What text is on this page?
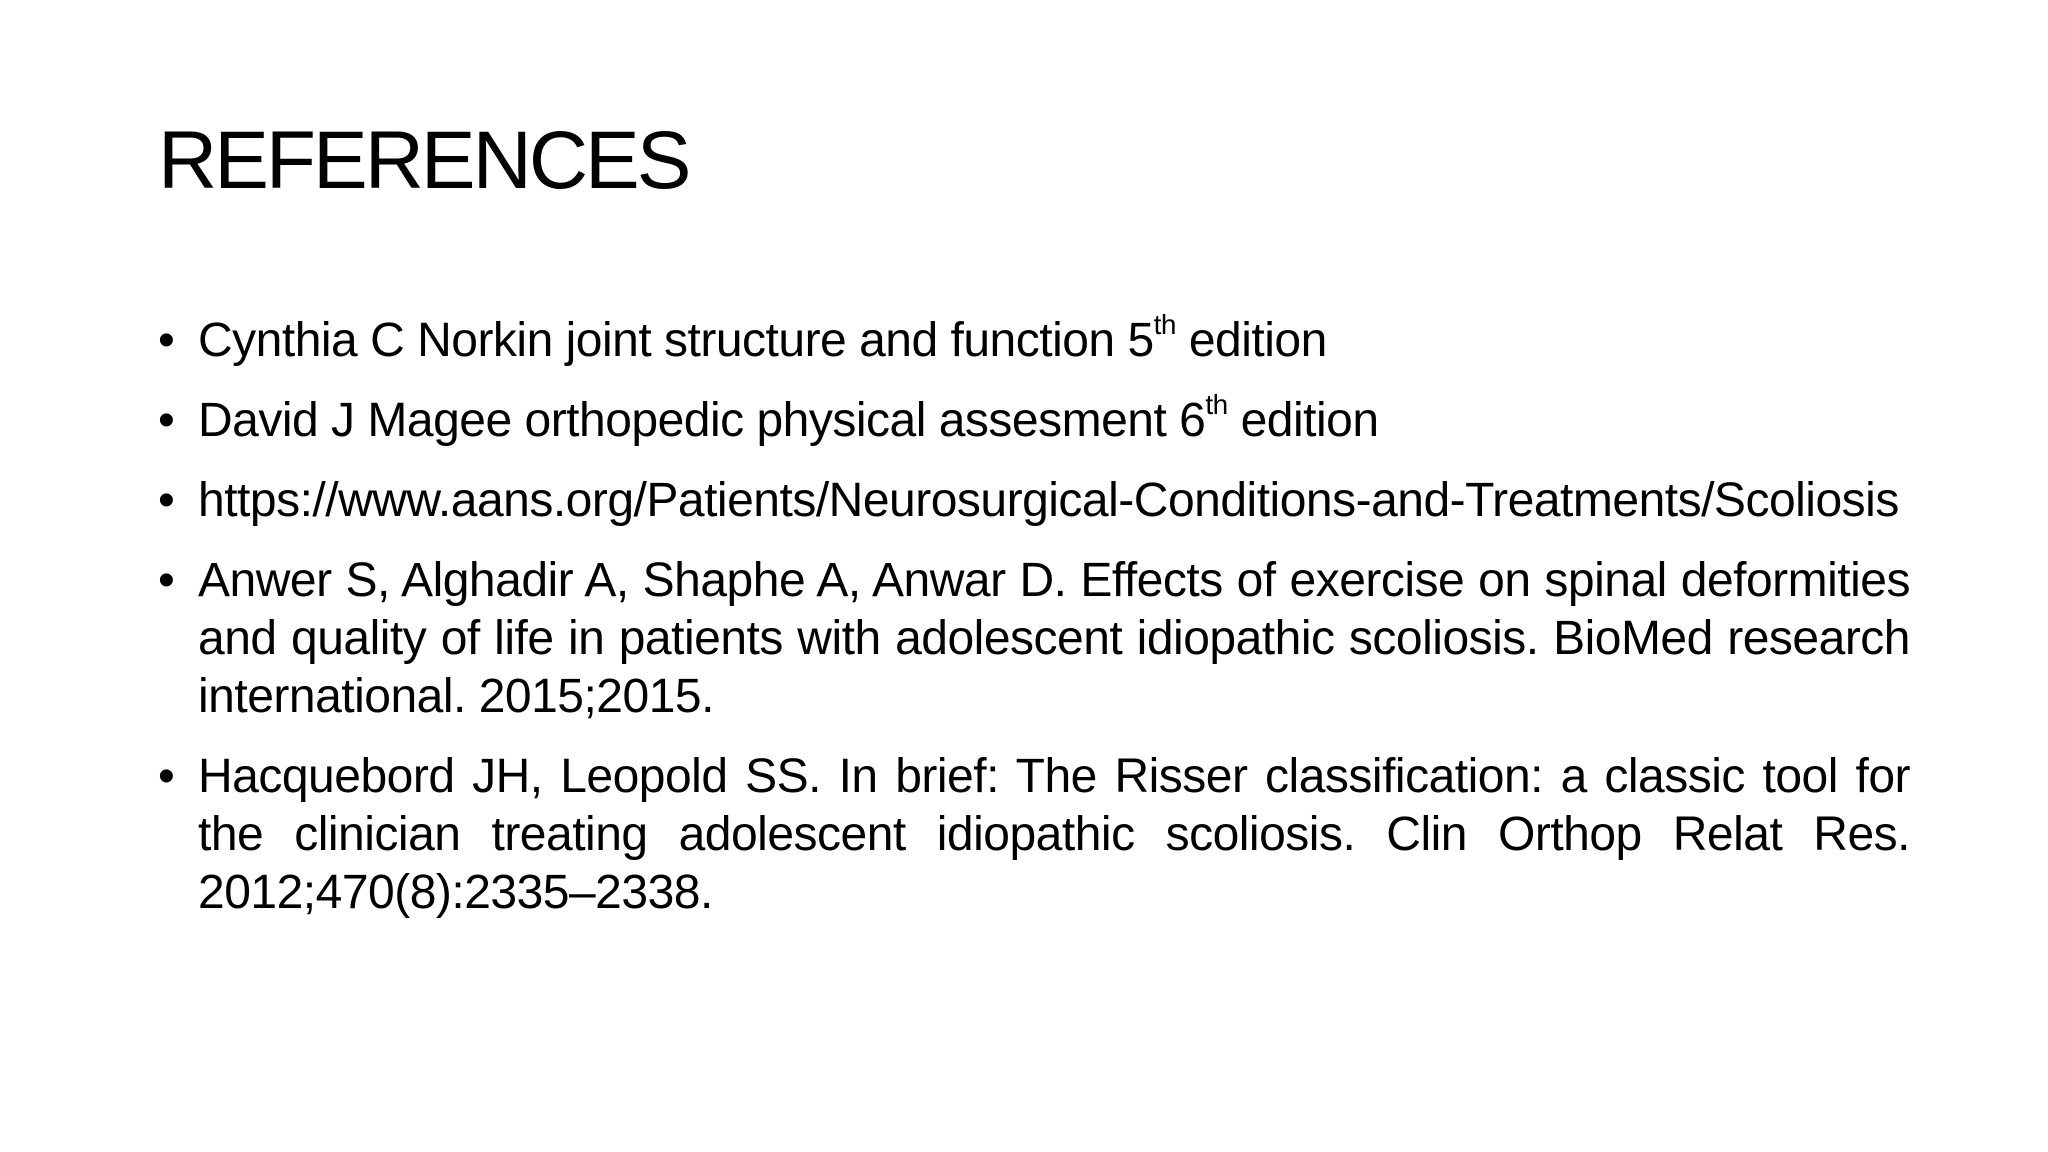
REFERENCES
• Cynthia C Norkin joint structure and function 5th edition
• David J Magee orthopedic physical assesment 6th edition
• https://www.aans.org/Patients/Neurosurgical-Conditions-and-Treatments/Scoliosis
• Anwer S, Alghadir A, Shaphe A, Anwar D. Effects of exercise on spinal deformities and quality of life in patients with adolescent idiopathic scoliosis. BioMed research international. 2015;2015.
• Hacquebord JH, Leopold SS. In brief: The Risser classification: a classic tool for the clinician treating adolescent idiopathic scoliosis. Clin Orthop Relat Res. 2012;470(8):2335–2338.
